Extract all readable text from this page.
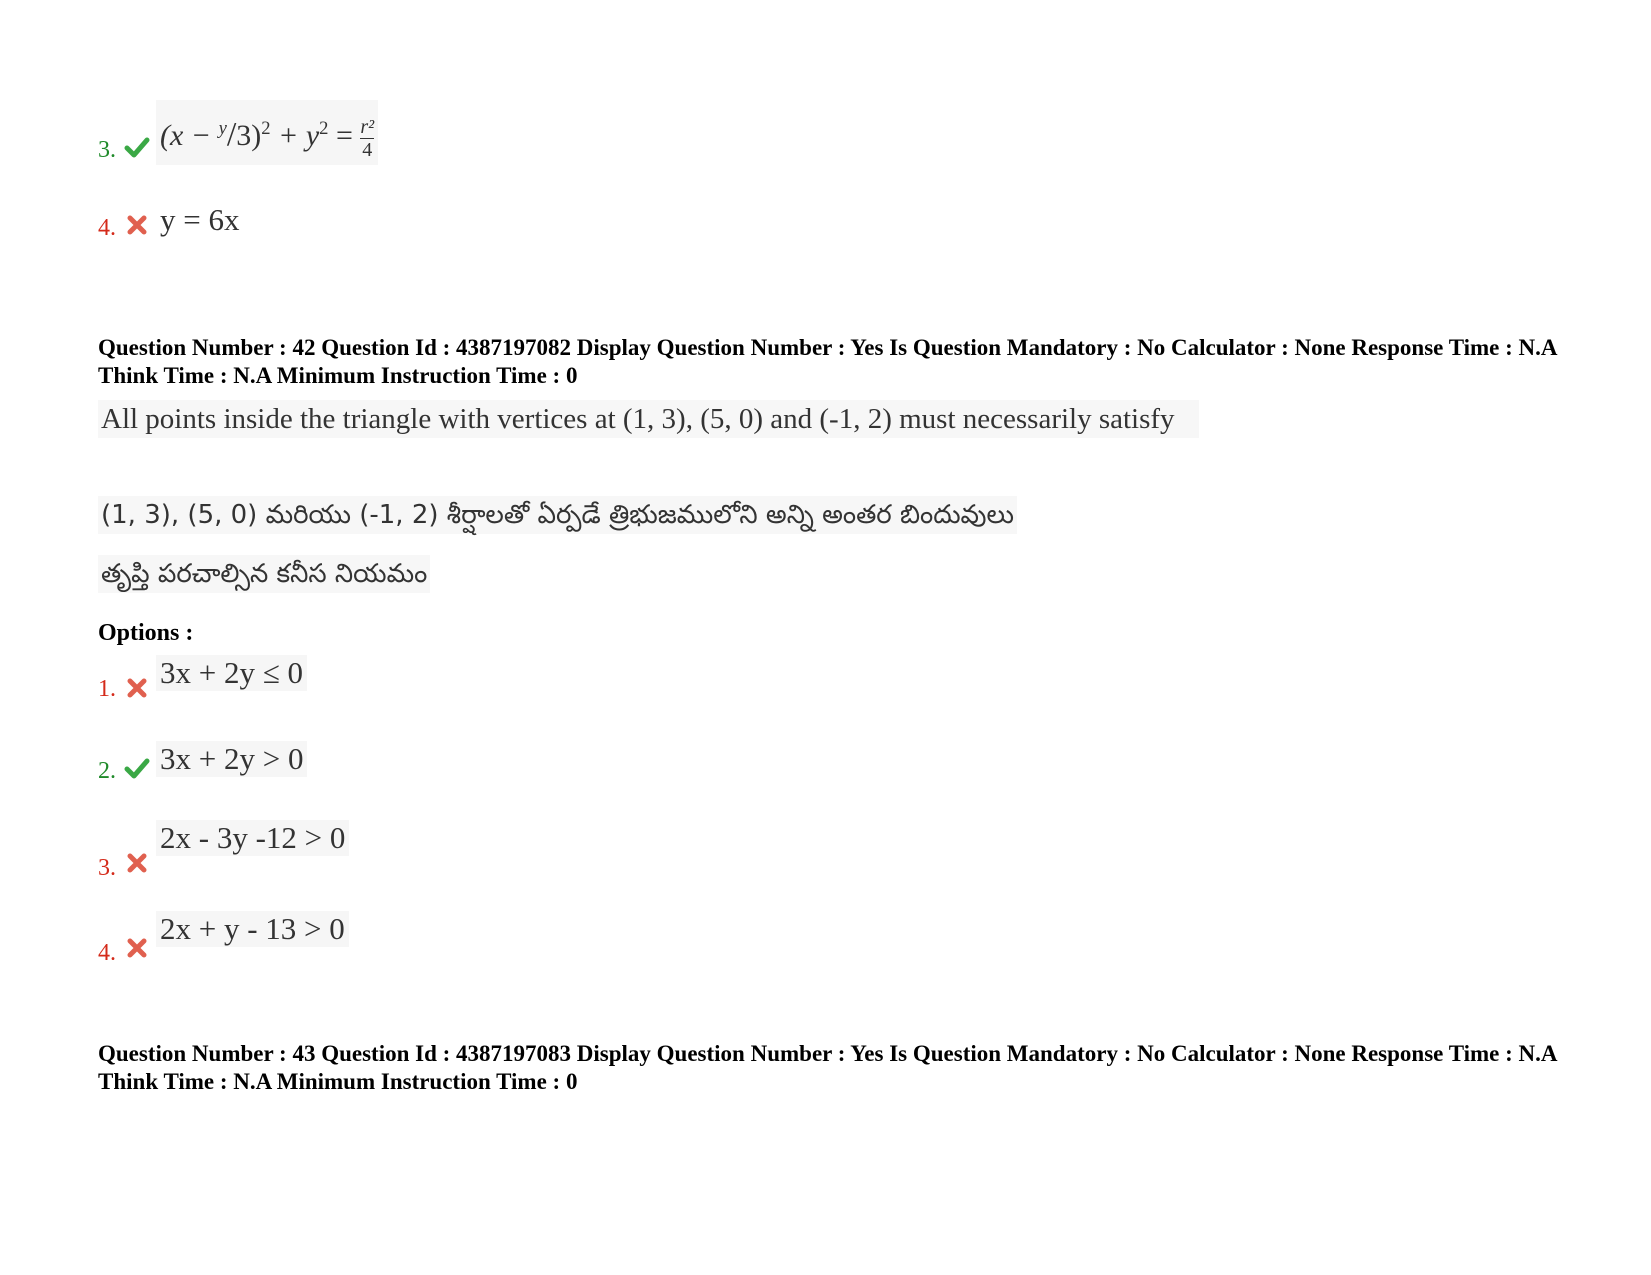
3. $(x - ^y/3)^2 + y^2 = \frac{\text{r²}}{4}$
4. y = 6x
Question Number : 42 Question Id : 4387197082 Display Question Number : Yes Is Question Mandatory : No Calculator : None Response Time : N.A Think Time : N.A Minimum Instruction Time : 0
All points inside the triangle with vertices at (1, 3), (5, 0) and (-1, 2) must necessarily satisfy
(1, 3), (5, 0) మరియు (-1, 2) శీర్షాలతో ఏర్పడే త్రిభుజములోని అన్ని అంతర బిందువులు
తృప్తి పరచాల్సిన కనీస నియమం
Options :
1. 3x + 2y ≤ 0
2. 3x + 2y > 0
3.
2x - 3y -12 > 0
4.
2x + y - 13 > 0
Question Number : 43 Question Id : 4387197083 Display Question Number : Yes Is Question Mandatory : No Calculator : None Response Time : N.A Think Time : N.A Minimum Instruction Time : 0
